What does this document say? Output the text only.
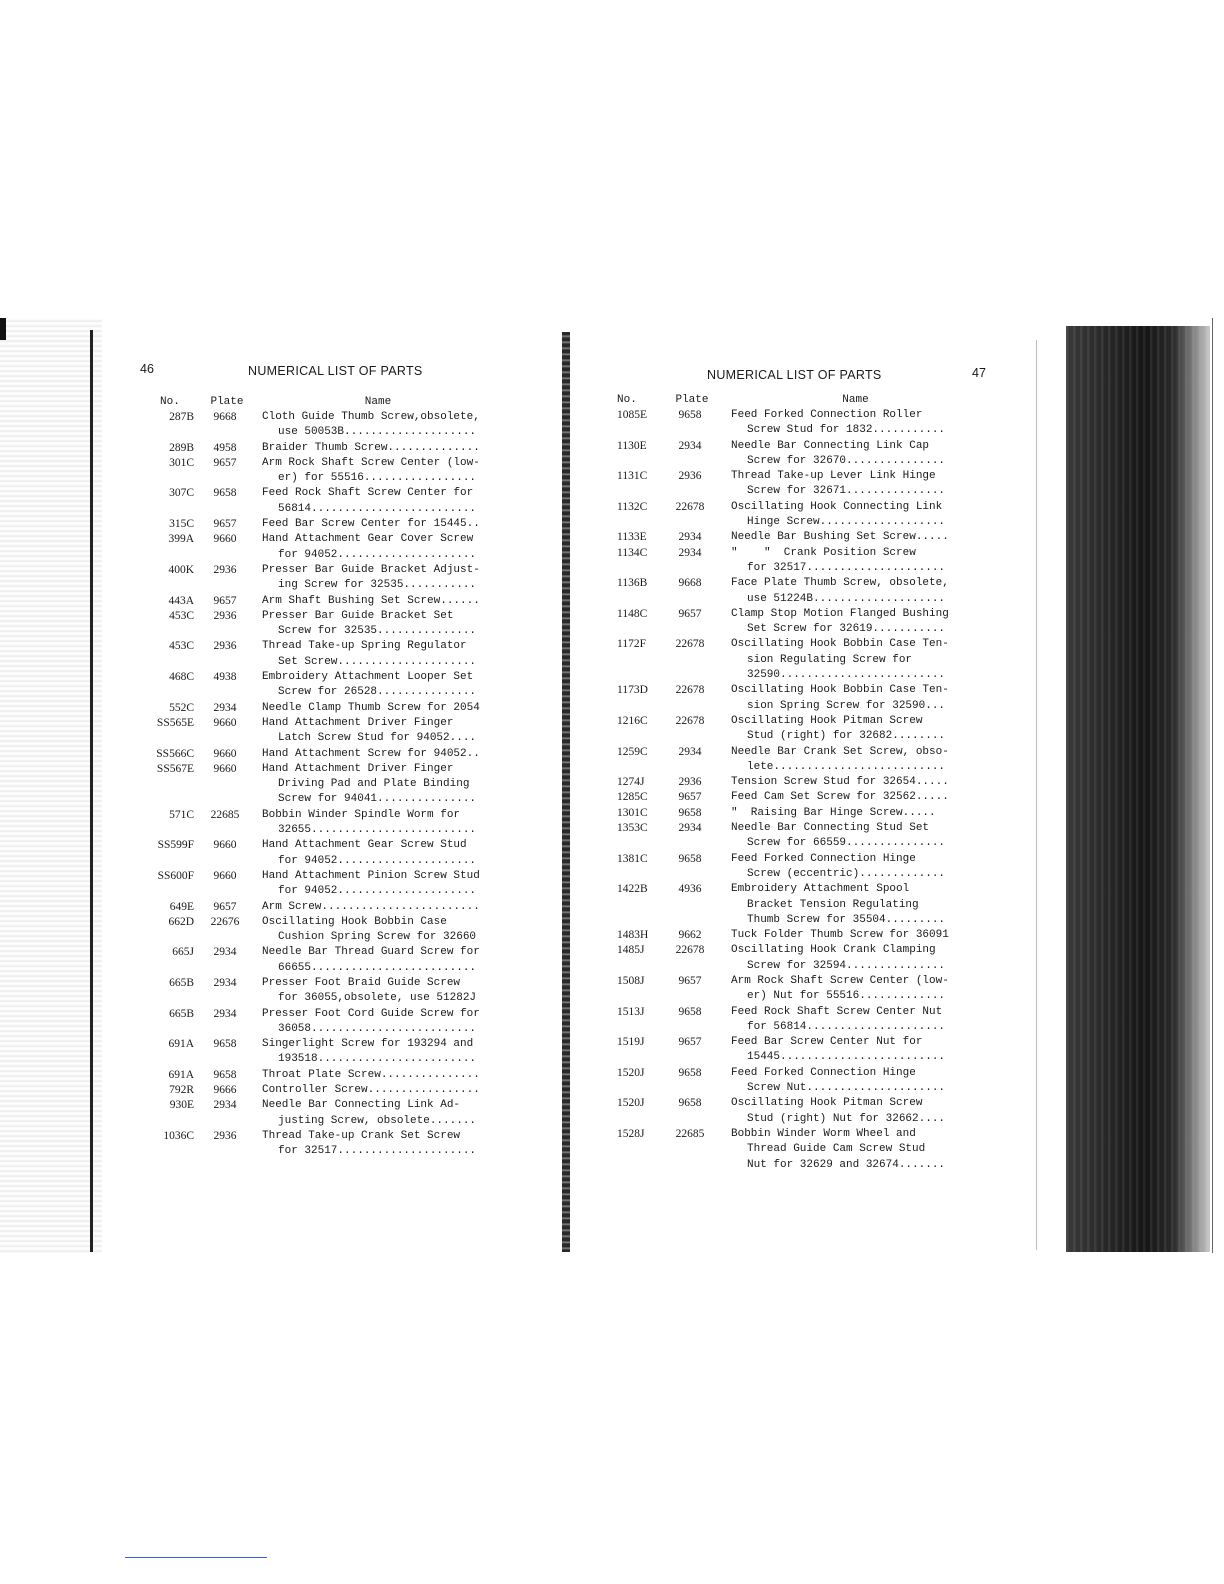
46	NUMERICAL LIST OF PARTS
No.	Plate	Name
287B	9668	Cloth Guide Thumb Screw,obsolete,
use 50053B....................
289B	4958	Braider Thumb Screw..............
301C	9657	Arm Rock Shaft Screw Center (low-
er) for 55516.................
307C	9658	Feed Rock Shaft Screw Center for
56814.........................
315C	9657	Feed Bar Screw Center for 15445..
399A	9660	Hand Attachment Gear Cover Screw
for 94052.....................
400K	2936	Presser Bar Guide Bracket Adjust-
ing Screw for 32535...........
443A	9657	Arm Shaft Bushing Set Screw......
453C	2936	Presser Bar Guide Bracket Set
Screw for 32535...............
453C	2936	Thread Take-up Spring Regulator
Set Screw.....................
468C	4938	Embroidery Attachment Looper Set
Screw for 26528...............
552C	2934	Needle Clamp Thumb Screw for 2054
SS565E	9660	Hand Attachment Driver Finger
Latch Screw Stud for 94052....
SS566C	9660	Hand Attachment Screw for 94052..
SS567E	9660	Hand Attachment Driver Finger
Driving Pad and Plate Binding
Screw for 94041...............
571C	22685	Bobbin Winder Spindle Worm for
32655.........................
SS599F	9660	Hand Attachment Gear Screw Stud
for 94052.....................
SS600F	9660	Hand Attachment Pinion Screw Stud
for 94052.....................
649E	9657	Arm Screw........................
662D	22676	Oscillating Hook Bobbin Case
Cushion Spring Screw for 32660
665J	2934	Needle Bar Thread Guard Screw for
66655.........................
665B	2934	Presser Foot Braid Guide Screw
for 36055,obsolete, use 51282J
665B	2934	Presser Foot Cord Guide Screw for
36058.........................
691A	9658	Singerlight Screw for 193294 and
193518........................
691A	9658	Throat Plate Screw...............
792R	9666	Controller Screw.................
930E	2934	Needle Bar Connecting Link Ad-
justing Screw, obsolete.......
1036C	2936	Thread Take-up Crank Set Screw
for 32517.....................
NUMERICAL LIST OF PARTS	47
No.	Plate	Name
1085E	9658	Feed Forked Connection Roller
Screw Stud for 1832...........
1130E	2934	Needle Bar Connecting Link Cap
Screw for 32670...............
1131C	2936	Thread Take-up Lever Link Hinge
Screw for 32671...............
1132C	22678	Oscillating Hook Connecting Link
Hinge Screw...................
1133E	2934	Needle Bar Bushing Set Screw.....
1134C	2934	"    "  Crank Position Screw
for 32517.....................
1136B	9668	Face Plate Thumb Screw, obsolete,
use 51224B....................
1148C	9657	Clamp Stop Motion Flanged Bushing
Set Screw for 32619...........
1172F	22678	Oscillating Hook Bobbin Case Ten-
sion Regulating Screw for
32590.........................
1173D	22678	Oscillating Hook Bobbin Case Ten-
sion Spring Screw for 32590...
1216C	22678	Oscillating Hook Pitman Screw
Stud (right) for 32682........
1259C	2934	Needle Bar Crank Set Screw, obso-
lete..........................
1274J	2936	Tension Screw Stud for 32654.....
1285C	9657	Feed Cam Set Screw for 32562.....
1301C	9658	"  Raising Bar Hinge Screw.....
1353C	2934	Needle Bar Connecting Stud Set
Screw for 66559...............
1381C	9658	Feed Forked Connection Hinge
Screw (eccentric).............
1422B	4936	Embroidery Attachment Spool
Bracket Tension Regulating
Thumb Screw for 35504.........
1483H	9662	Tuck Folder Thumb Screw for 36091
1485J	22678	Oscillating Hook Crank Clamping
Screw for 32594...............
1508J	9657	Arm Rock Shaft Screw Center (low-
er) Nut for 55516.............
1513J	9658	Feed Rock Shaft Screw Center Nut
for 56814.....................
1519J	9657	Feed Bar Screw Center Nut for
15445.........................
1520J	9658	Feed Forked Connection Hinge
Screw Nut.....................
1520J	9658	Oscillating Hook Pitman Screw
Stud (right) Nut for 32662....
1528J	22685	Bobbin Winder Worm Wheel and
Thread Guide Cam Screw Stud
Nut for 32629 and 32674.......
